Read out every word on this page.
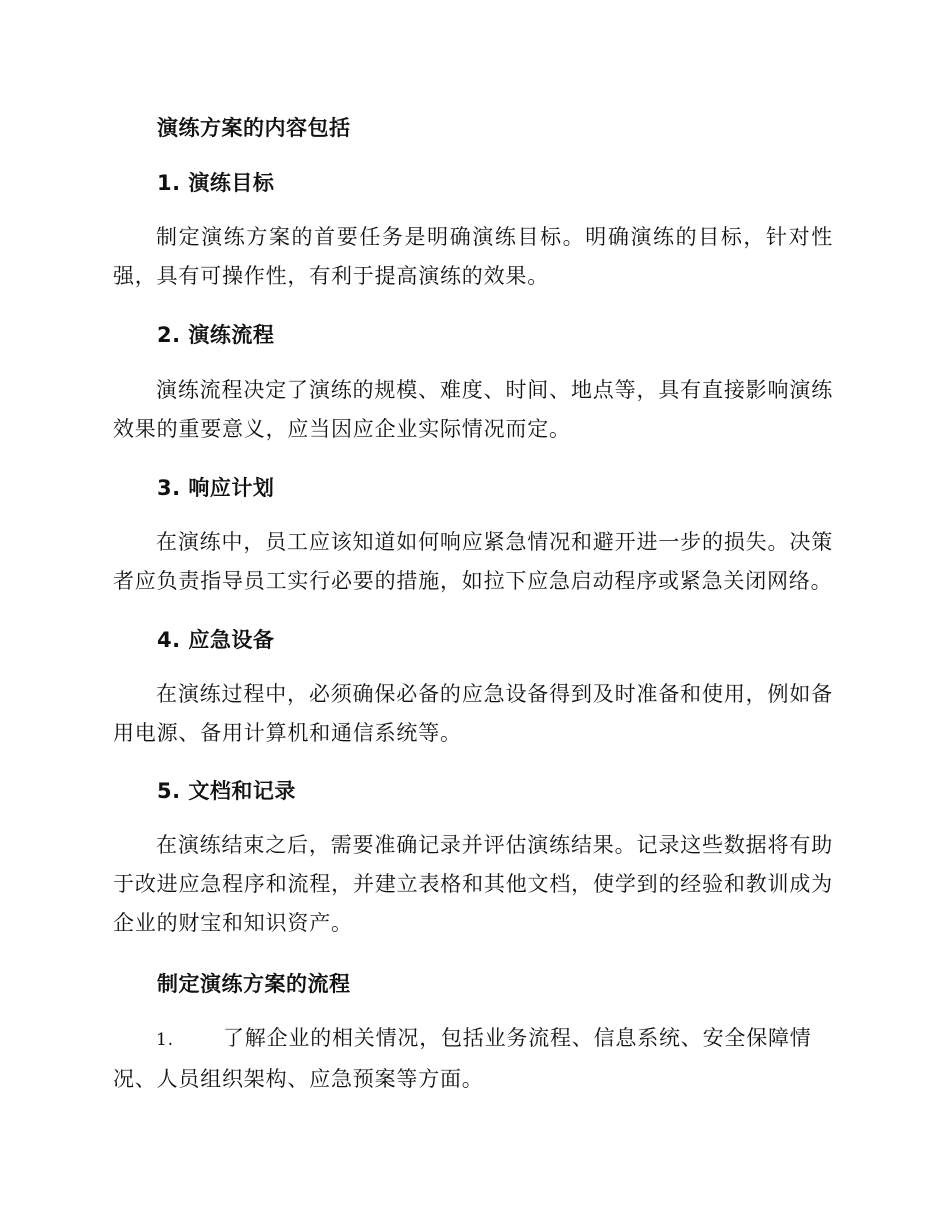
演练方案的内容包括
1. 演练目标
制定演练方案的首要任务是明确演练目标。明确演练的目标，针对性强，具有可操作性，有利于提高演练的效果。
2. 演练流程
演练流程决定了演练的规模、难度、时间、地点等，具有直接影响演练效果的重要意义，应当因应企业实际情况而定。
3. 响应计划
在演练中，员工应该知道如何响应紧急情况和避开进一步的损失。决策者应负责指导员工实行必要的措施，如拉下应急启动程序或紧急关闭网络。
4. 应急设备
在演练过程中，必须确保必备的应急设备得到及时准备和使用，例如备用电源、备用计算机和通信系统等。
5. 文档和记录
在演练结束之后，需要准确记录并评估演练结果。记录这些数据将有助于改进应急程序和流程，并建立表格和其他文档，使学到的经验和教训成为企业的财宝和知识资产。
制定演练方案的流程
1. 了解企业的相关情况，包括业务流程、信息系统、安全保障情况、人员组织架构、应急预案等方面。
